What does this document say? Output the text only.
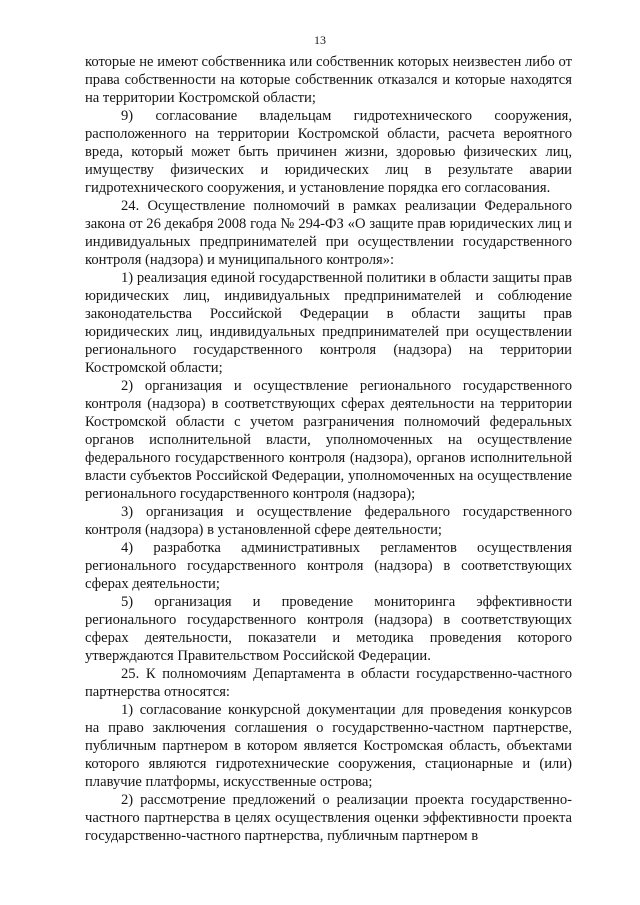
13

которые не имеют собственника или собственник которых неизвестен либо от права собственности на которые собственник отказался и которые находятся на территории Костромской области;

9) согласование владельцам гидротехнического сооружения, расположенного на территории Костромской области, расчета вероятного вреда, который может быть причинен жизни, здоровью физических лиц, имуществу физических и юридических лиц в результате аварии гидротехнического сооружения, и установление порядка его согласования.

24. Осуществление полномочий в рамках реализации Федерального закона от 26 декабря 2008 года № 294-ФЗ «О защите прав юридических лиц и индивидуальных предпринимателей при осуществлении государственного контроля (надзора) и муниципального контроля»:

1) реализация единой государственной политики в области защиты прав юридических лиц, индивидуальных предпринимателей и соблюдение законодательства Российской Федерации в области защиты прав юридических лиц, индивидуальных предпринимателей при осуществлении регионального государственного контроля (надзора) на территории Костромской области;

2) организация и осуществление регионального государственного контроля (надзора) в соответствующих сферах деятельности на территории Костромской области с учетом разграничения полномочий федеральных органов исполнительной власти, уполномоченных на осуществление федерального государственного контроля (надзора), органов исполнительной власти субъектов Российской Федерации, уполномоченных на осуществление регионального государственного контроля (надзора);

3) организация и осуществление федерального государственного контроля (надзора) в установленной сфере деятельности;

4) разработка административных регламентов осуществления регионального государственного контроля (надзора) в соответствующих сферах деятельности;

5) организация и проведение мониторинга эффективности регионального государственного контроля (надзора) в соответствующих сферах деятельности, показатели и методика проведения которого утверждаются Правительством Российской Федерации.

25. К полномочиям Департамента в области государственно-частного партнерства относятся:

1) согласование конкурсной документации для проведения конкурсов на право заключения соглашения о государственно-частном партнерстве, публичным партнером в котором является Костромская область, объектами которого являются гидротехнические сооружения, стационарные и (или) плавучие платформы, искусственные острова;

2) рассмотрение предложений о реализации проекта государственно-частного партнерства в целях осуществления оценки эффективности проекта государственно-частного партнерства, публичным партнером в
